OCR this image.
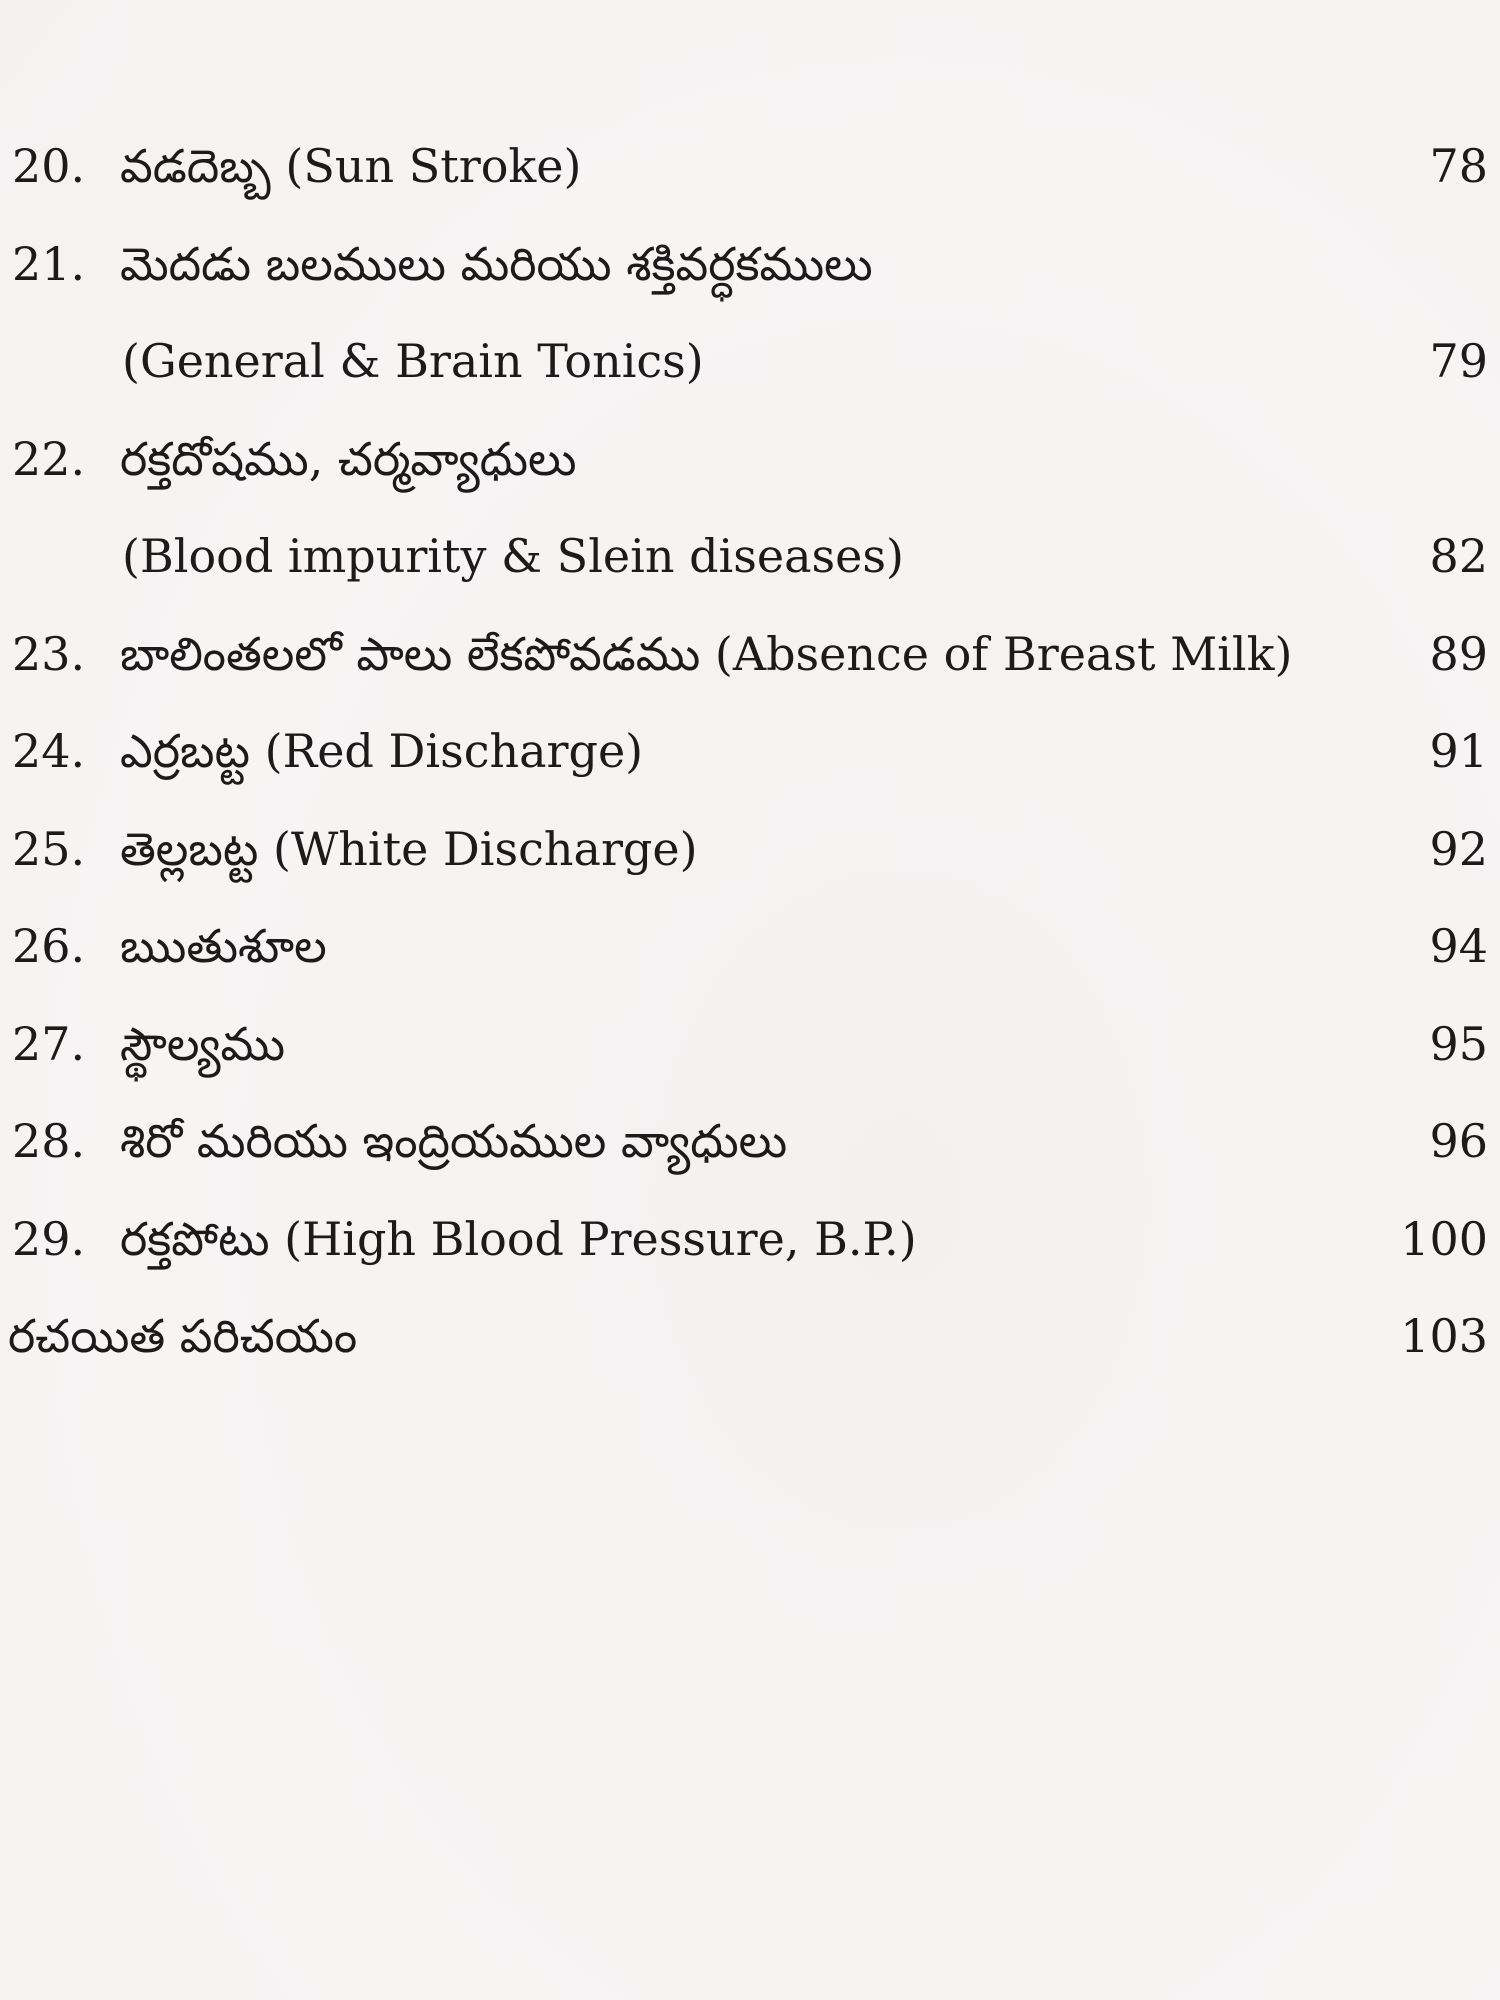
20. వడదెబ్బ (Sun Stroke)	78
21. మెదడు బలములు మరియు శక్తివర్ధకములు
(General & Brain Tonics)	79
22. రక్తదోషము, చర్మవ్యాధులు
(Blood impurity & Slein diseases)	82
23. బాలింతలలో పాలు లేకపోవడము (Absence of Breast Milk)	89
24. ఎర్రబట్ట (Red Discharge)	91
25. తెల్లబట్ట (White Discharge)	92
26. ఋతుశూల	94
27. స్థౌల్యము	95
28. శిరో మరియు ఇంద్రియముల వ్యాధులు	96
29. రక్తపోటు (High Blood Pressure, B.P.)	100
రచయిత పరిచయం	103
